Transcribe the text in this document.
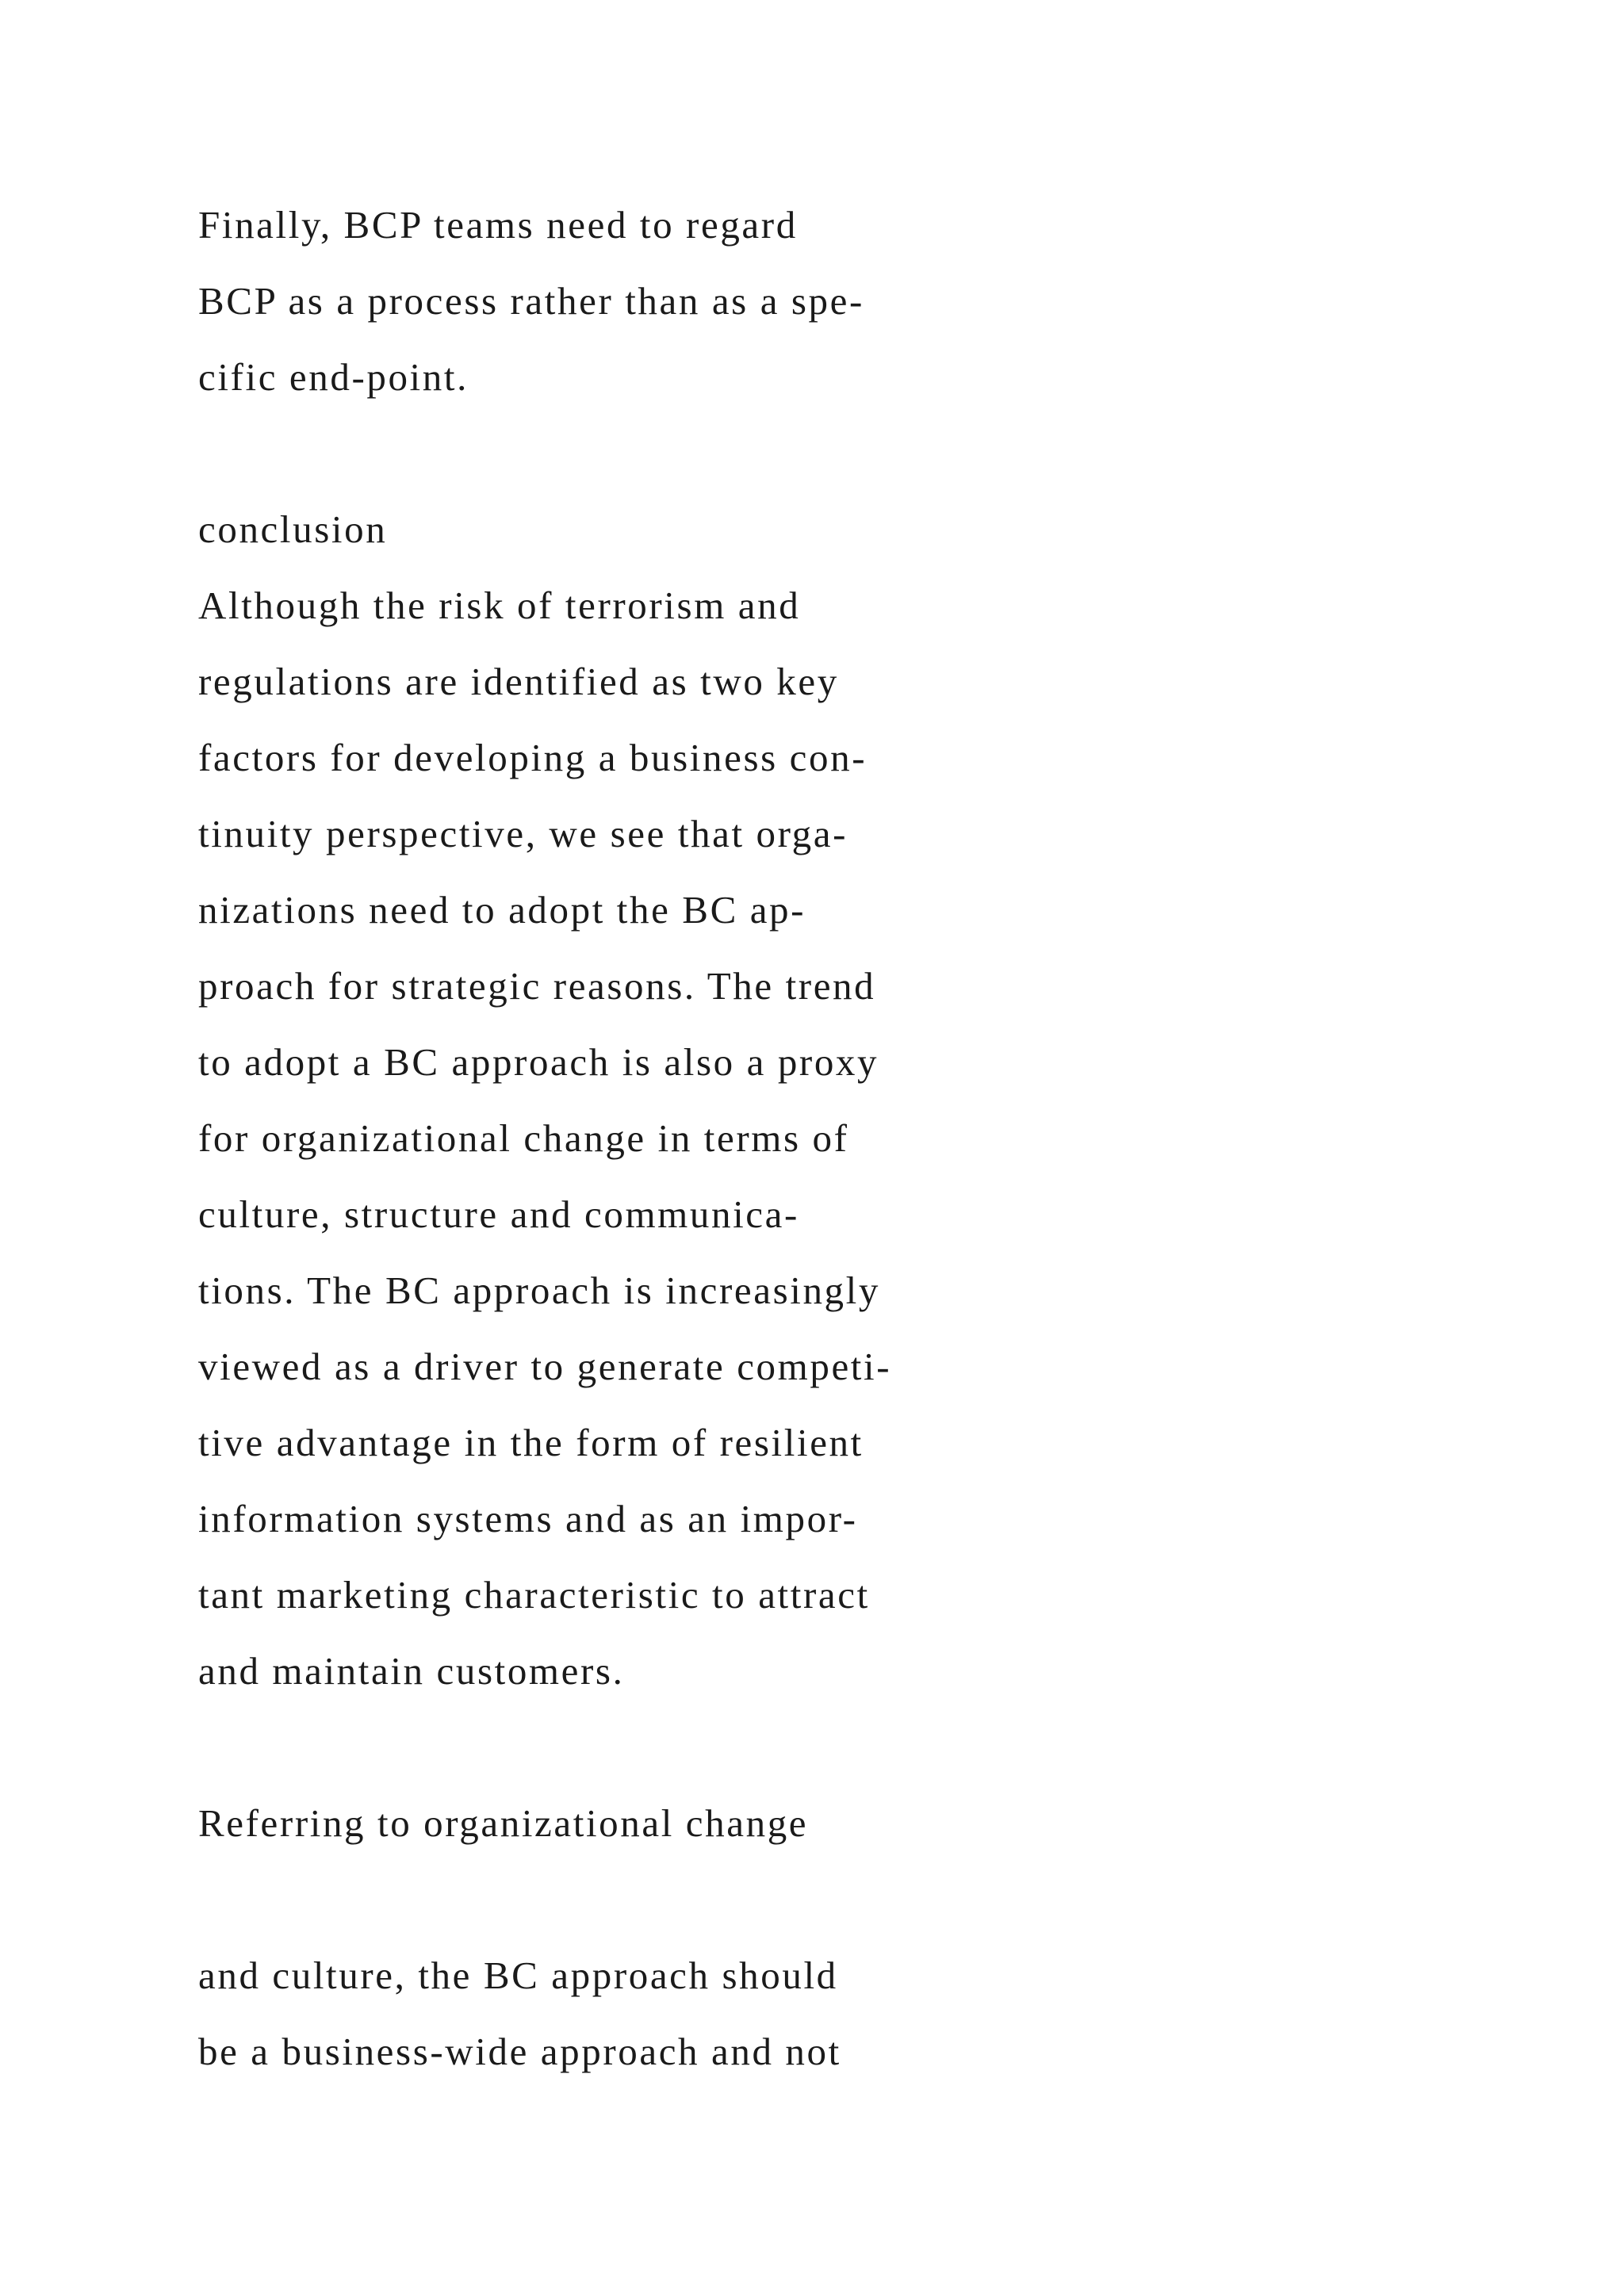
Finally, BCP teams need to regard
BCP as a process rather than as a spe-
cific end-point.
conclusion
Although the risk of terrorism and
regulations are identified as two key
factors for developing a business con-
tinuity perspective, we see that orga-
nizations need to adopt the BC ap-
proach for strategic reasons. The trend
to adopt a BC approach is also a proxy
for organizational change in terms of
culture, structure and communica-
tions. The BC approach is increasingly
viewed as a driver to generate competi-
tive advantage in the form of resilient
information systems and as an impor-
tant marketing characteristic to attract
and maintain customers.
Referring to organizational change
and culture, the BC approach should
be a business-wide approach and not
